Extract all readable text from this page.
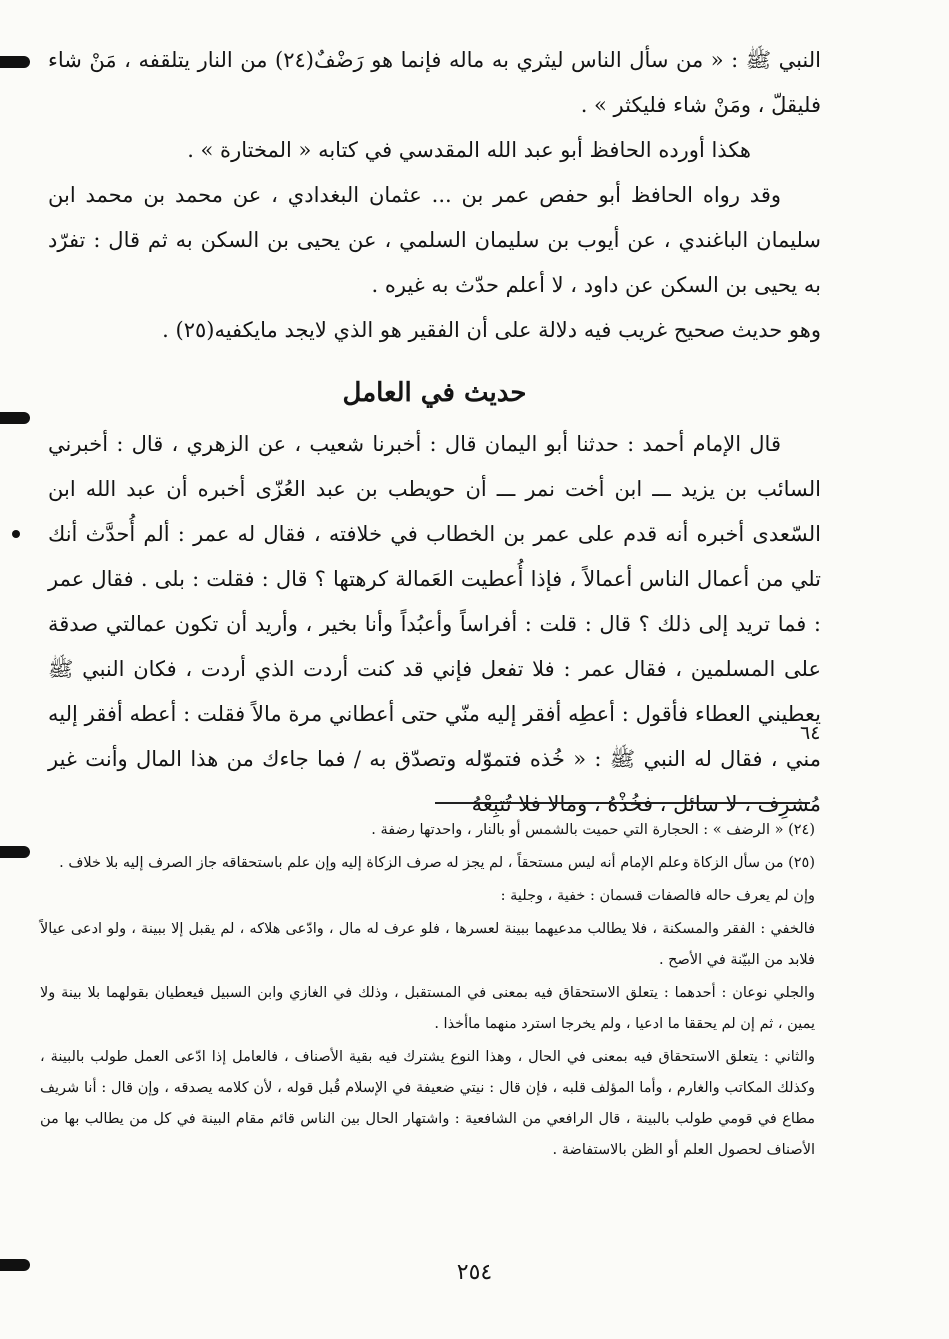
النبي ﷺ : « من سأل الناس ليثري به ماله فإنما هو رَضْفٌ(٢٤) من النار يتلقفه ، مَنْ شاء فليقلّ ، ومَنْ شاء فليكثر » .

هكذا أورده الحافظ أبو عبد الله المقدسي في كتابه « المختارة » .

وقد رواه الحافظ أبو حفص عمر بن ... عثمان البغدادي ، عن محمد بن محمد ابن سليمان الباغندي ، عن أيوب بن سليمان السلمي ، عن يحيى بن السكن به ثم قال : تفرّد به يحيى بن السكن عن داود ، لا أعلم حدّث به غيره .

وهو حديث صحيح غريب فيه دلالة على أن الفقير هو الذي لايجد مايكفيه(٢٥) .

حديث في العامل

قال الإمام أحمد : حدثنا أبو اليمان قال : أخبرنا شعيب ، عن الزهري ، قال : أخبرني السائب بن يزيد ـــ ابن أخت نمر ـــ أن حويطب بن عبد العُزّى أخبره أن عبد الله ابن السّعدى أخبره أنه قدم على عمر بن الخطاب في خلافته ، فقال له عمر : ألم أُحدَّث أنك تلي من أعمال الناس أعمالاً ، فإذا أُعطيت العَمالة كرهتها ؟ قال : فقلت : بلى . فقال عمر : فما تريد إلى ذلك ؟ قال : قلت : أفراساً وأعبُداً وأنا بخير ، وأريد أن تكون عمالتي صدقة على المسلمين ، فقال عمر : فلا تفعل فإني قد كنت أردت الذي أردت ، فكان النبي ﷺ يعطيني العطاء فأقول : أعطِه أفقر إليه منّي حتى أعطاني مرة مالاً فقلت : أعطه أفقر إليه مني ، فقال له النبي ﷺ : « خُذه فتموّله وتصدّق به / فما جاءك من هذا المال وأنت غير مُشرِف ، لا سائل ، فخُذْهُ ، ومالا فلا تُتبِعْهُ

٦٤

(٢٤) « الرضف » : الحجارة التي حميت بالشمس أو بالنار ، واحدتها رضفة .

(٢٥) من سأل الزكاة وعلم الإمام أنه ليس مستحقاً ، لم يجز له صرف الزكاة إليه وإن علم باستحقاقه جاز الصرف إليه بلا خلاف .

وإن لم يعرف حاله فالصفات قسمان : خفية ، وجلية :

فالخفي : الفقر والمسكنة ، فلا يطالب مدعيهما ببينة لعسرها ، فلو عرف له مال ، وادّعى هلاكه ، لم يقبل إلا ببينة ، ولو ادعى عيالاً فلابد من البيّنة في الأصح .

والجلي نوعان : أحدهما : يتعلق الاستحقاق فيه بمعنى في المستقبل ، وذلك في الغازي وابن السبيل فيعطيان بقولهما بلا بينة ولا يمين ، ثم إن لم يحققا ما ادعيا ، ولم يخرجا استرد منهما ماأخذا .

والثاني : يتعلق الاستحقاق فيه بمعنى في الحال ، وهذا النوع يشترك فيه بقية الأصناف ، فالعامل إذا ادّعى العمل طولب بالبينة ، وكذلك المكاتب والغارم ، وأما المؤلف قلبه ، فإن قال : نيتي ضعيفة في الإسلام قُبل قوله ، لأن كلامه يصدقه ، وإن قال : أنا شريف مطاع في قومي طولب بالبينة ، قال الرافعي من الشافعية : واشتهار الحال بين الناس قائم مقام البينة في كل من يطالب بها من الأصناف لحصول العلم أو الظن بالاستفاضة .

٢٥٤
